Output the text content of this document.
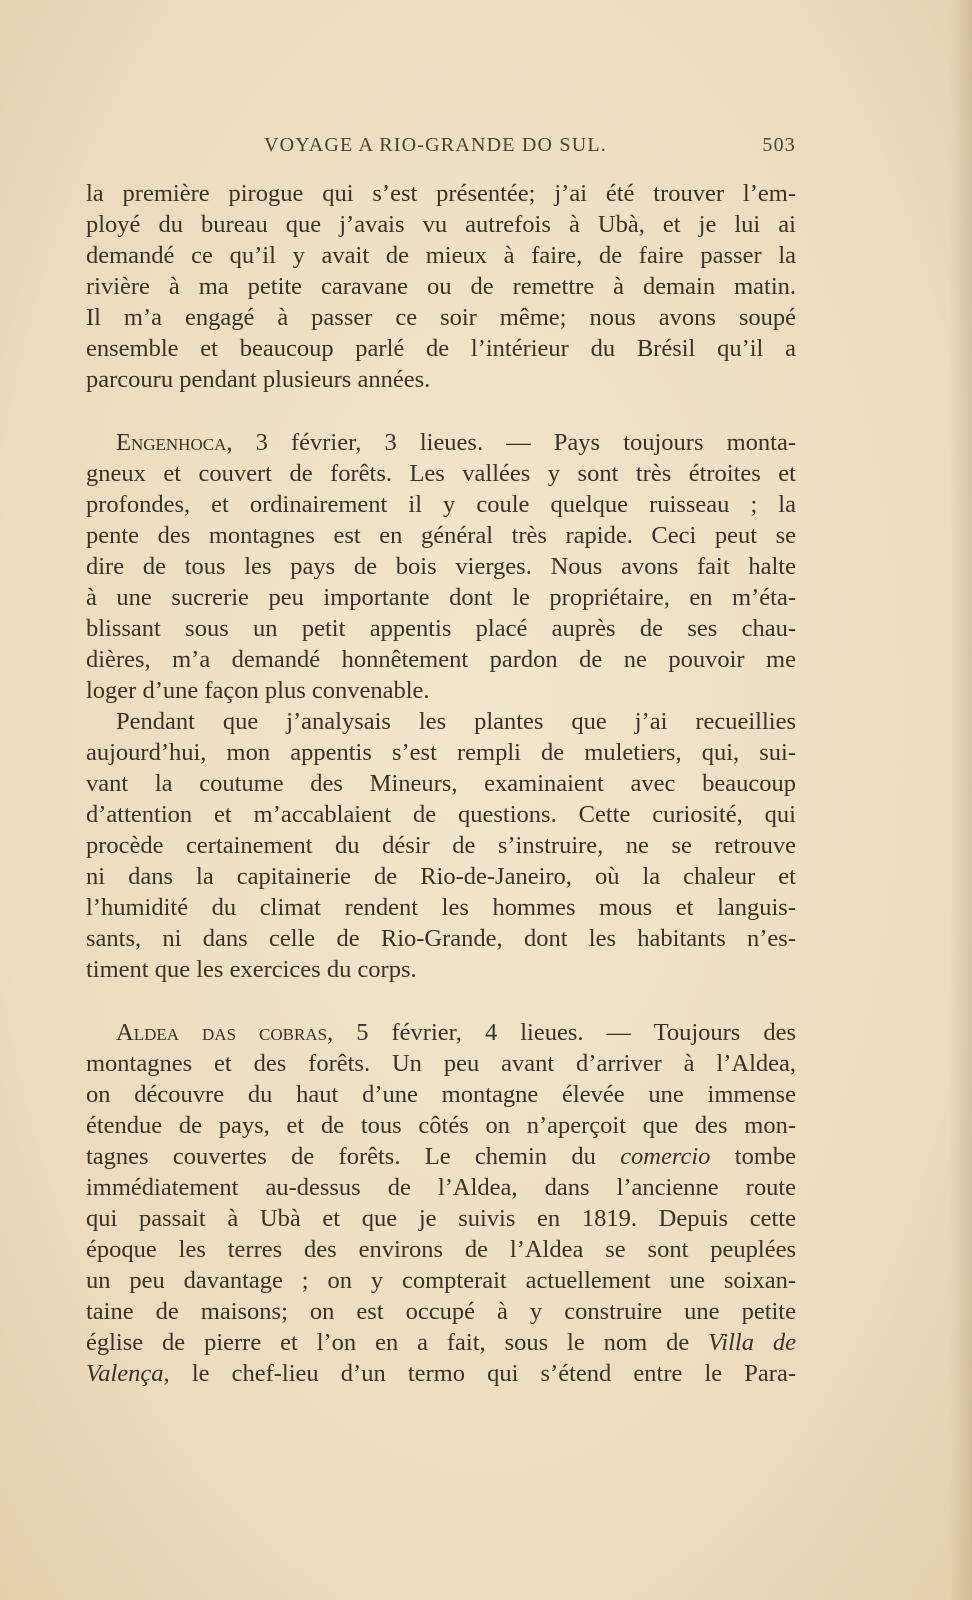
VOYAGE A RIO-GRANDE DO SUL.	503
la première pirogue qui s’est présentée; j’ai été trouver l’em-
ployé du bureau que j’avais vu autrefois à Ubà, et je lui ai
demandé ce qu’il y avait de mieux à faire, de faire passer la
rivière à ma petite caravane ou de remettre à demain matin.
Il m’a engagé à passer ce soir même; nous avons soupé
ensemble et beaucoup parlé de l’intérieur du Brésil qu’il a
parcouru pendant plusieurs années.
Engenhoca, 3 février, 3 lieues. — Pays toujours monta-
gneux et couvert de forêts. Les vallées y sont très étroites et
profondes, et ordinairement il y coule quelque ruisseau ; la
pente des montagnes est en général très rapide. Ceci peut se
dire de tous les pays de bois vierges. Nous avons fait halte
à une sucrerie peu importante dont le propriétaire, en m’éta-
blissant sous un petit appentis placé auprès de ses chau-
dières, m’a demandé honnêtement pardon de ne pouvoir me
loger d’une façon plus convenable.
Pendant que j’analysais les plantes que j’ai recueillies
aujourd’hui, mon appentis s’est rempli de muletiers, qui, sui-
vant la coutume des Mineurs, examinaient avec beaucoup
d’attention et m’accablaient de questions. Cette curiosité, qui
procède certainement du désir de s’instruire, ne se retrouve
ni dans la capitainerie de Rio-de-Janeiro, où la chaleur et
l’humidité du climat rendent les hommes mous et languis-
sants, ni dans celle de Rio-Grande, dont les habitants n’es-
timent que les exercices du corps.
Aldea das cobras, 5 février, 4 lieues. — Toujours des
montagnes et des forêts. Un peu avant d’arriver à l’Aldea,
on découvre du haut d’une montagne élevée une immense
étendue de pays, et de tous côtés on n’aperçoit que des mon-
tagnes couvertes de forêts. Le chemin du comercio tombe
immédiatement au-dessus de l’Aldea, dans l’ancienne route
qui passait à Ubà et que je suivis en 1819. Depuis cette
époque les terres des environs de l’Aldea se sont peuplées
un peu davantage ; on y compterait actuellement une soixan-
taine de maisons; on est occupé à y construire une petite
église de pierre et l’on en a fait, sous le nom de Villa de
Valença, le chef-lieu d’un termo qui s’étend entre le Para-
